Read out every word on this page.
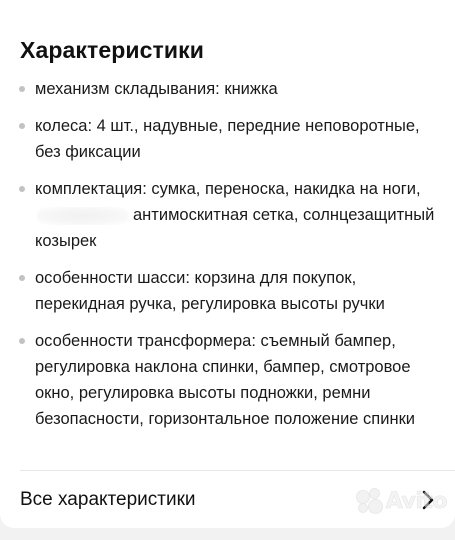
Характеристики
механизм складывания: книжка
колеса: 4 шт., надувные, передние неповоротные, без фиксации
комплектация: сумка, переноска, накидка на ноги,антимоскитная сетка, солнцезащитный козырек
особенности шасси: корзина для покупок, перекидная ручка, регулировка высоты ручки
особенности трансформера: съемный бампер, регулировка наклона спинки, бампер, смотровое окно, регулировка высоты подножки, ремни безопасности, горизонтальное положение спинки
Все характеристики	Avito
